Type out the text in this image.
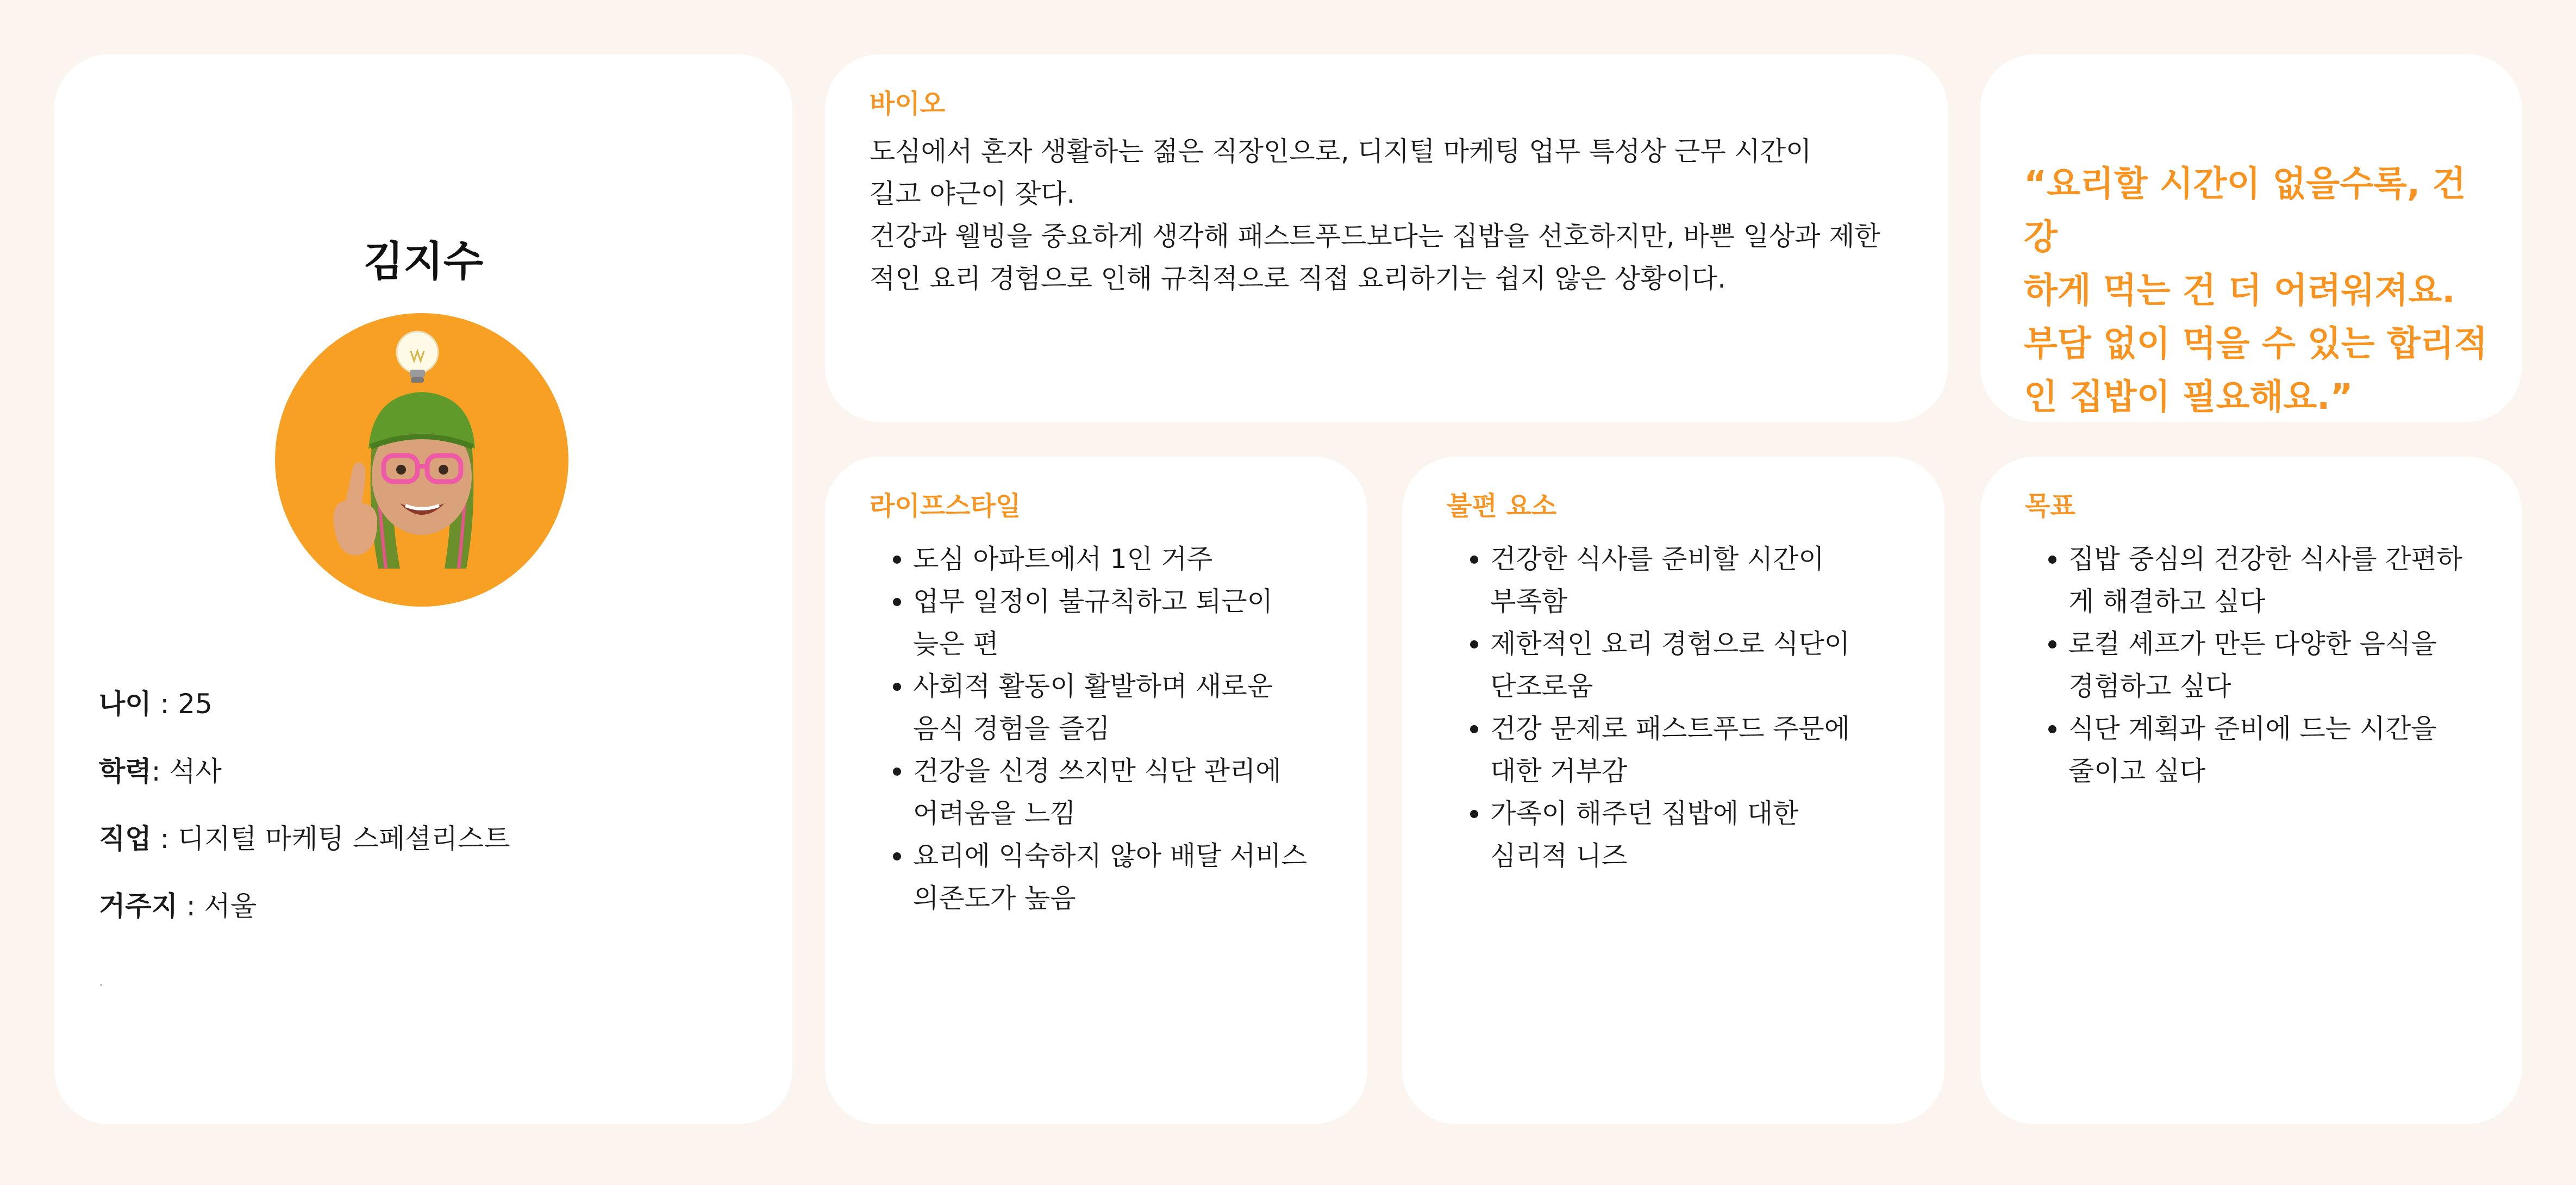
김지수
나이 : 25
학력: 석사
직업 : 디지털 마케팅 스페셜리스트
거주지 : 서울
바이오

도심에서 혼자 생활하는 젊은 직장인으로, 디지털 마케팅 업무 특성상 근무 시간이

길고 야근이 잦다.

건강과 웰빙을 중요하게 생각해 패스트푸드보다는 집밥을 선호하지만, 바쁜 일상과 제한

적인 요리 경험으로 인해 규칙적으로 직접 요리하기는 쉽지 않은 상황이다.

“요리할 시간이 없을수록, 건강
하게 먹는 건 더 어려워져요.
부담 없이 먹을 수 있는 합리적
인 집밥이 필요해요.”
라이프스타일
• 도심 아파트에서 1인 거주
• 업무 일정이 불규칙하고 퇴근이
늦은 편
• 사회적 활동이 활발하며 새로운
음식 경험을 즐김
• 건강을 신경 쓰지만 식단 관리에
어려움을 느낌
• 요리에 익숙하지 않아 배달 서비스
의존도가 높음
불편 요소
• 건강한 식사를 준비할 시간이
부족함
• 제한적인 요리 경험으로 식단이
단조로움
• 건강 문제로 패스트푸드 주문에
대한 거부감
• 가족이 해주던 집밥에 대한
심리적 니즈
목표
• 집밥 중심의 건강한 식사를 간편하
게 해결하고 싶다
• 로컬 셰프가 만든 다양한 음식을
경험하고 싶다
• 식단 계획과 준비에 드는 시간을
줄이고 싶다
